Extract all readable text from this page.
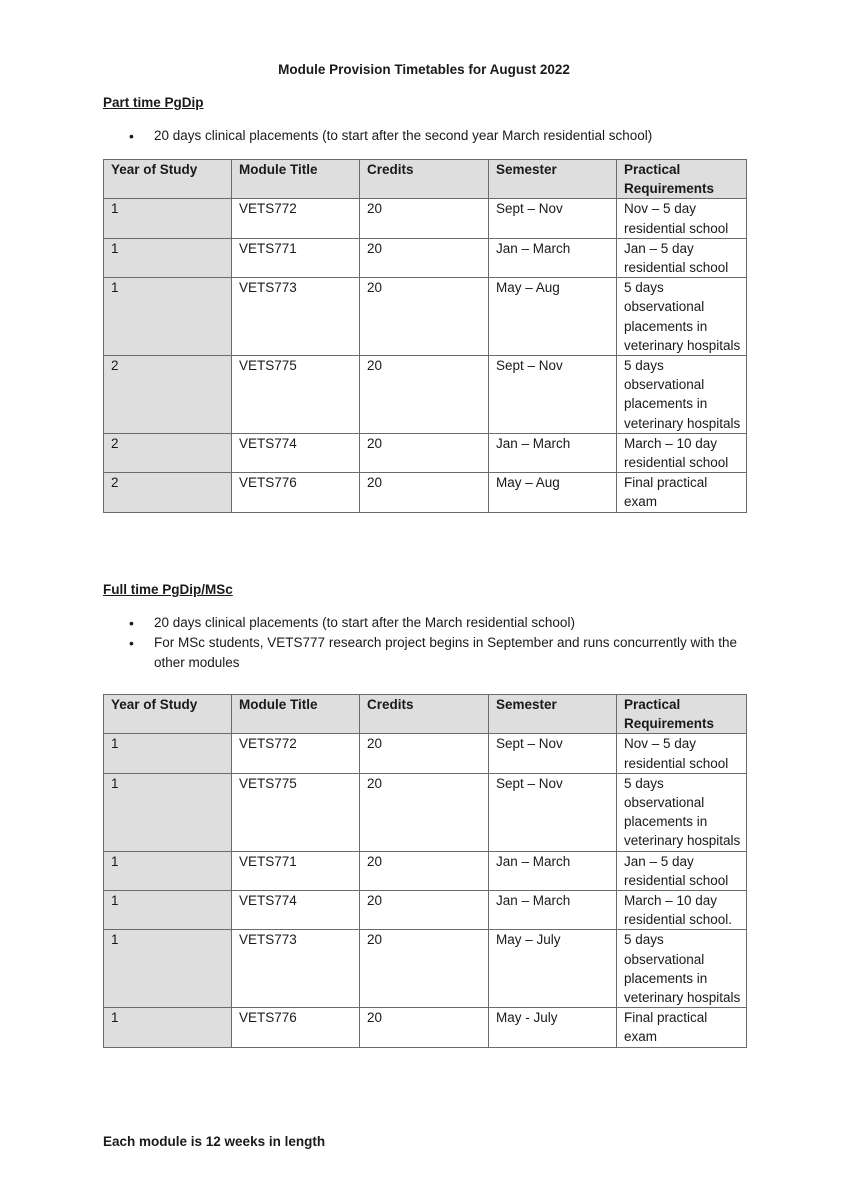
Module Provision Timetables for August 2022
Part time PgDip
• 20 days clinical placements (to start after the second year March residential school)
Year of Study	Module Title	Credits	Semester	Practical Requirements
1	VETS772	20	Sept – Nov	Nov – 5 day residential school
1	VETS771	20	Jan – March	Jan – 5 day residential school
1	VETS773	20	May – Aug	5 days observational placements in veterinary hospitals
2	VETS775	20	Sept – Nov	5 days observational placements in veterinary hospitals
2	VETS774	20	Jan – March	March – 10 day residential school
2	VETS776	20	May – Aug	Final practical exam
Full time PgDip/MSc
• 20 days clinical placements (to start after the March residential school)
• For MSc students, VETS777 research project begins in September and runs concurrently with the other modules
Year of Study	Module Title	Credits	Semester	Practical Requirements
1	VETS772	20	Sept – Nov	Nov – 5 day residential school
1	VETS775	20	Sept – Nov	5 days observational placements in veterinary hospitals
1	VETS771	20	Jan – March	Jan – 5 day residential school
1	VETS774	20	Jan – March	March – 10 day residential school.
1	VETS773	20	May – July	5 days observational placements in veterinary hospitals
1	VETS776	20	May - July	Final practical exam
Each module is 12 weeks in length
